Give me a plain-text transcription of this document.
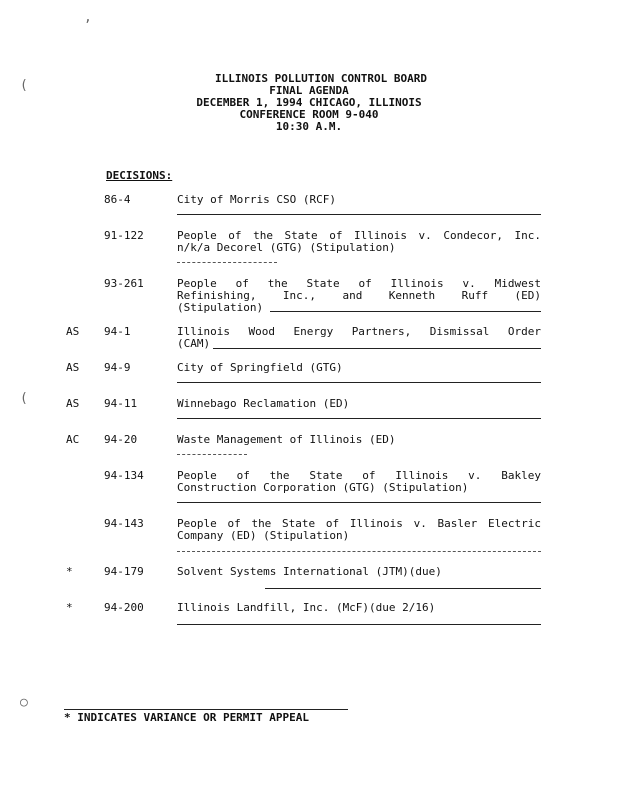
,
(
(
○
ILLINOIS POLLUTION CONTROL BOARD
FINAL AGENDA
DECEMBER 1, 1994 CHICAGO, ILLINOIS
CONFERENCE ROOM 9-040
10:30 A.M.
DECISIONS:
86-4	City of Morris CSO (RCF)
91-122	People of the State of Illinois v. Condecor, Inc.
n/k/a Decorel (GTG) (Stipulation)
93-261	People of the State of Illinois v. Midwest
Refinishing, Inc., and Kenneth Ruff (ED)
(Stipulation)
AS 94-1	Illinois Wood Energy Partners, Dismissal Order
(CAM)
AS 94-9	City of Springfield (GTG)
AS 94-11	Winnebago Reclamation (ED)
AC 94-20	Waste Management of Illinois (ED)
94-134	People of the State of Illinois v. Bakley
Construction Corporation (GTG) (Stipulation)
94-143	People of the State of Illinois v. Basler Electric
Company (ED) (Stipulation)
*	94-179	Solvent Systems International (JTM)(due)
*	94-200	Illinois Landfill, Inc. (McF)(due 2/16)
* INDICATES VARIANCE OR PERMIT APPEAL
